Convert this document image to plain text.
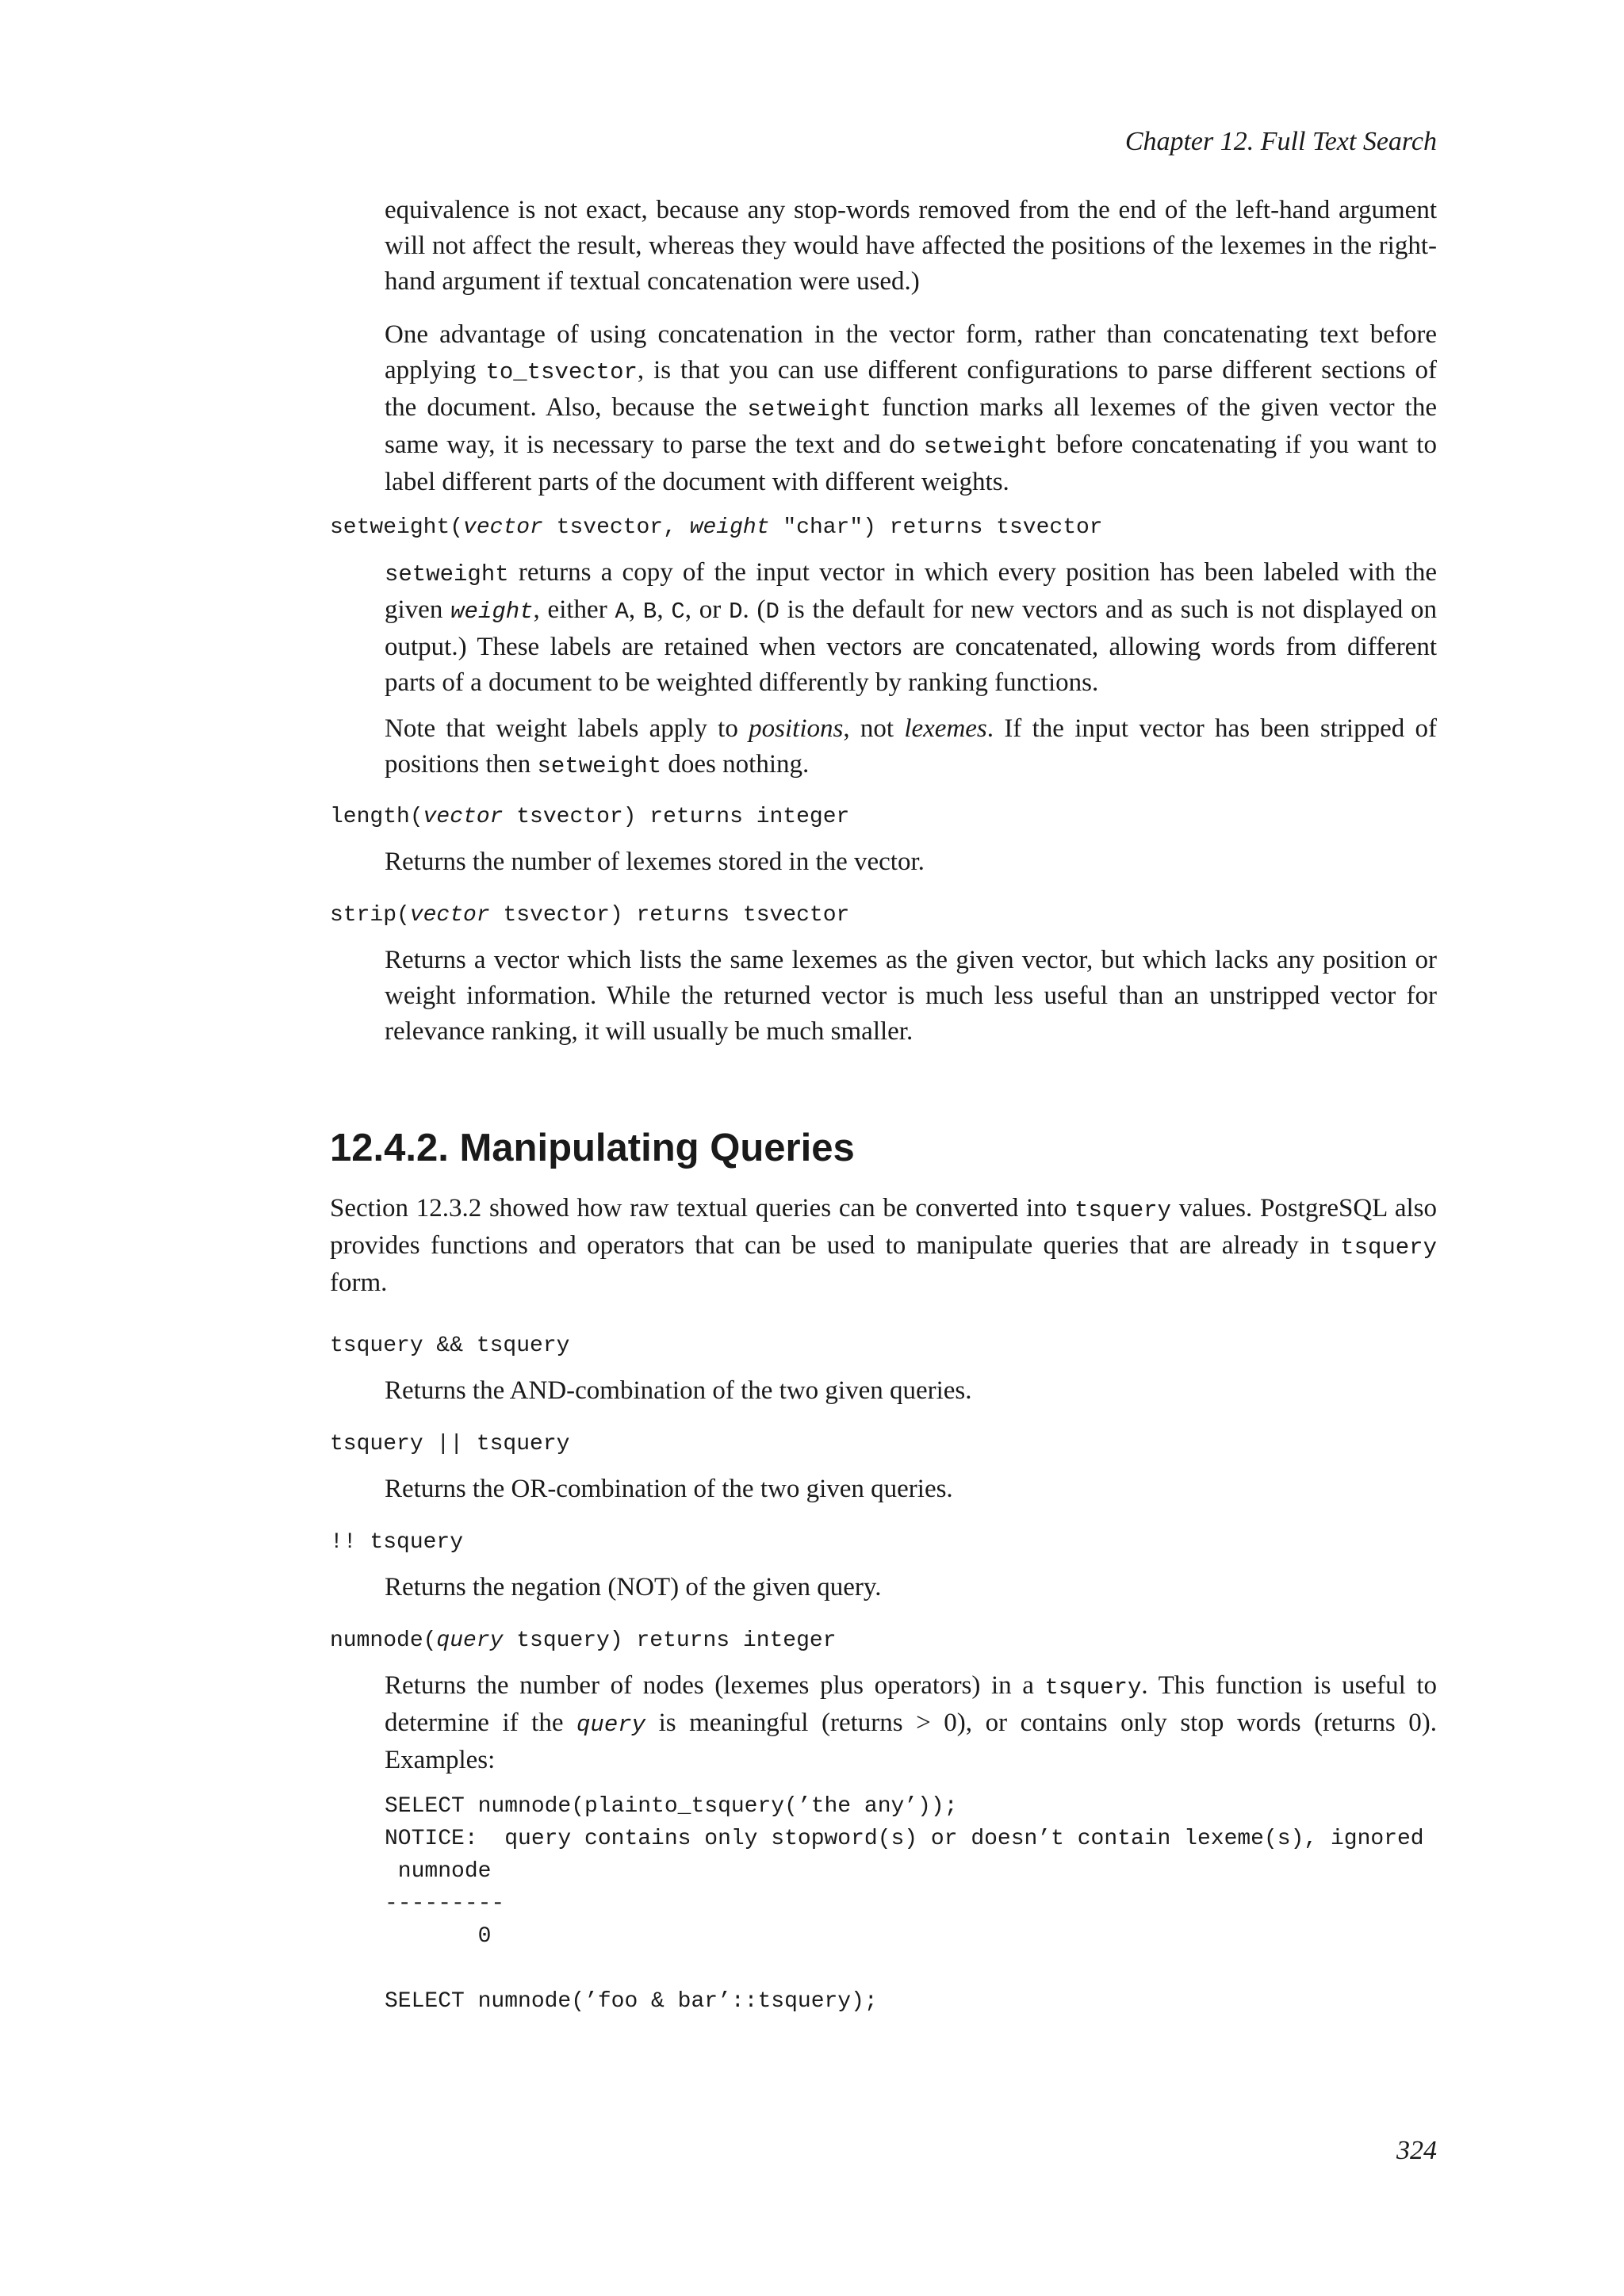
Chapter 12. Full Text Search

equivalence is not exact, because any stop-words removed from the end of the left-hand argument will not affect the result, whereas they would have affected the positions of the lexemes in the right-hand argument if textual concatenation were used.)

One advantage of using concatenation in the vector form, rather than concatenating text before applying to_tsvector, is that you can use different configurations to parse different sections of the document. Also, because the setweight function marks all lexemes of the given vector the same way, it is necessary to parse the text and do setweight before concatenating if you want to label different parts of the document with different weights.

setweight(vector tsvector, weight "char") returns tsvector

setweight returns a copy of the input vector in which every position has been labeled with the given weight, either A, B, C, or D. (D is the default for new vectors and as such is not displayed on output.) These labels are retained when vectors are concatenated, allowing words from different parts of a document to be weighted differently by ranking functions.

Note that weight labels apply to positions, not lexemes. If the input vector has been stripped of positions then setweight does nothing.

length(vector tsvector) returns integer

Returns the number of lexemes stored in the vector.

strip(vector tsvector) returns tsvector

Returns a vector which lists the same lexemes as the given vector, but which lacks any position or weight information. While the returned vector is much less useful than an unstripped vector for relevance ranking, it will usually be much smaller.

12.4.2. Manipulating Queries

Section 12.3.2 showed how raw textual queries can be converted into tsquery values. PostgreSQL also provides functions and operators that can be used to manipulate queries that are already in tsquery form.

tsquery && tsquery

Returns the AND-combination of the two given queries.

tsquery || tsquery

Returns the OR-combination of the two given queries.

!! tsquery

Returns the negation (NOT) of the given query.

numnode(query tsquery) returns integer

Returns the number of nodes (lexemes plus operators) in a tsquery. This function is useful to determine if the query is meaningful (returns > 0), or contains only stop words (returns 0). Examples:

SELECT numnode(plainto_tsquery(’the any’));
NOTICE:  query contains only stopword(s) or doesn’t contain lexeme(s), ignored
numnode
---------
0

SELECT numnode(’foo & bar’::tsquery);
324
